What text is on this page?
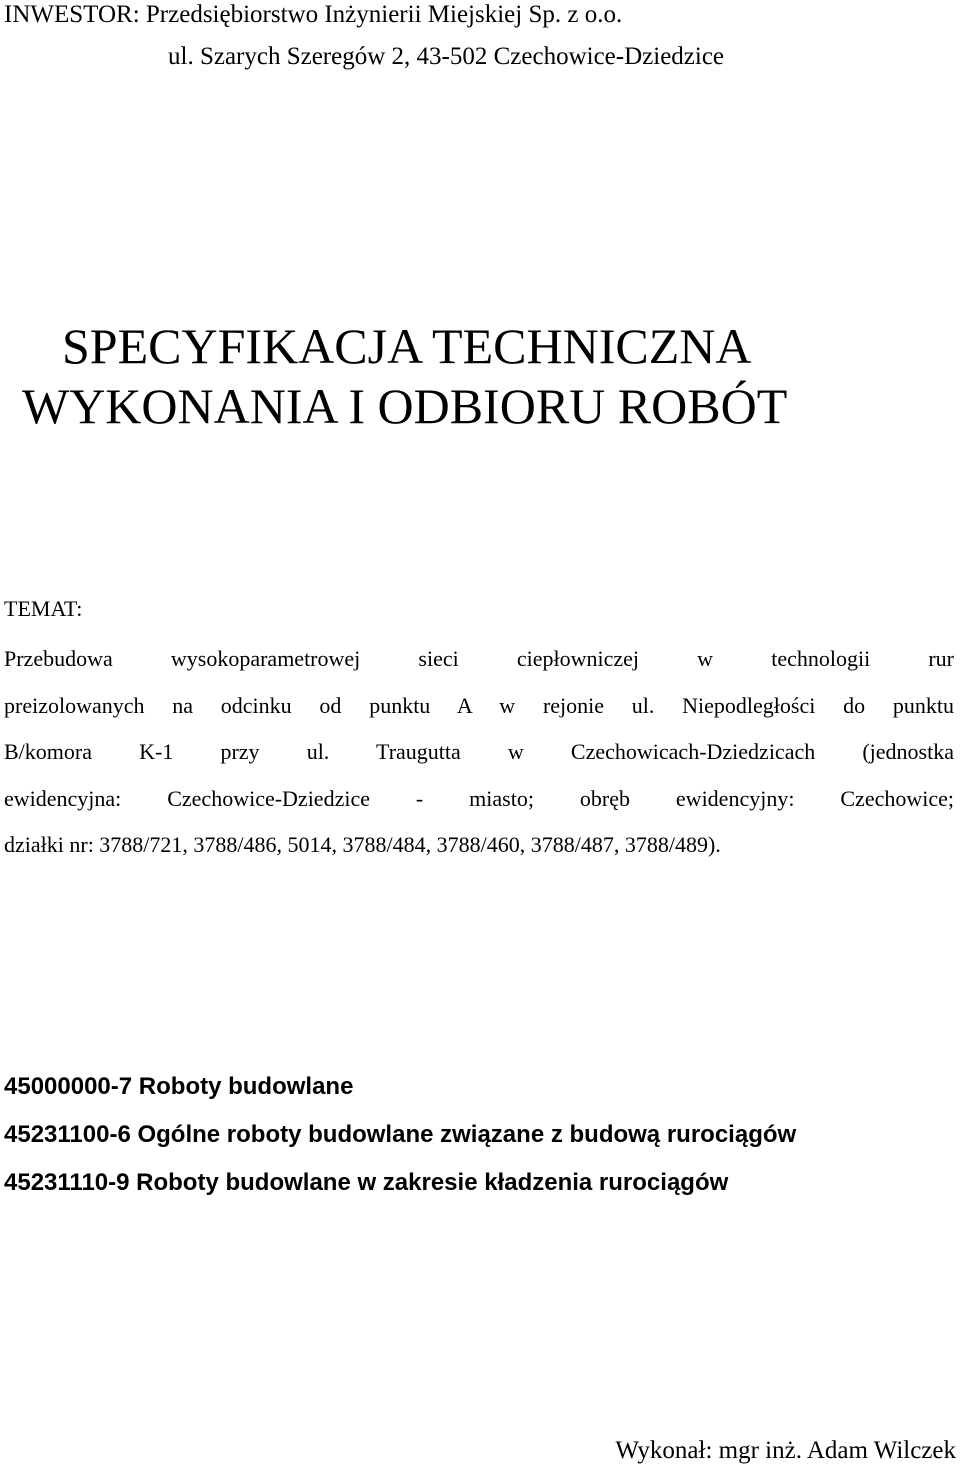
INWESTOR: Przedsiębiorstwo Inżynierii Miejskiej Sp. z o.o.
ul. Szarych Szeregów 2, 43-502 Czechowice-Dziedzice
SPECYFIKACJA TECHNICZNA
WYKONANIA I ODBIORU ROBÓT
TEMAT:
Przebudowa wysokoparametrowej sieci ciepłowniczej w technologii rur
preizolowanych na odcinku od punktu A w rejonie ul. Niepodległości do punktu
B/komora K-1 przy ul. Traugutta w Czechowicach-Dziedzicach (jednostka
ewidencyjna: Czechowice-Dziedzice - miasto; obręb ewidencyjny: Czechowice;
działki nr: 3788/721, 3788/486, 5014, 3788/484, 3788/460, 3788/487, 3788/489).
45000000-7 Roboty budowlane
45231100-6 Ogólne roboty budowlane związane z budową rurociągów
45231110-9 Roboty budowlane w zakresie kładzenia rurociągów
Wykonał: mgr inż. Adam Wilczek
